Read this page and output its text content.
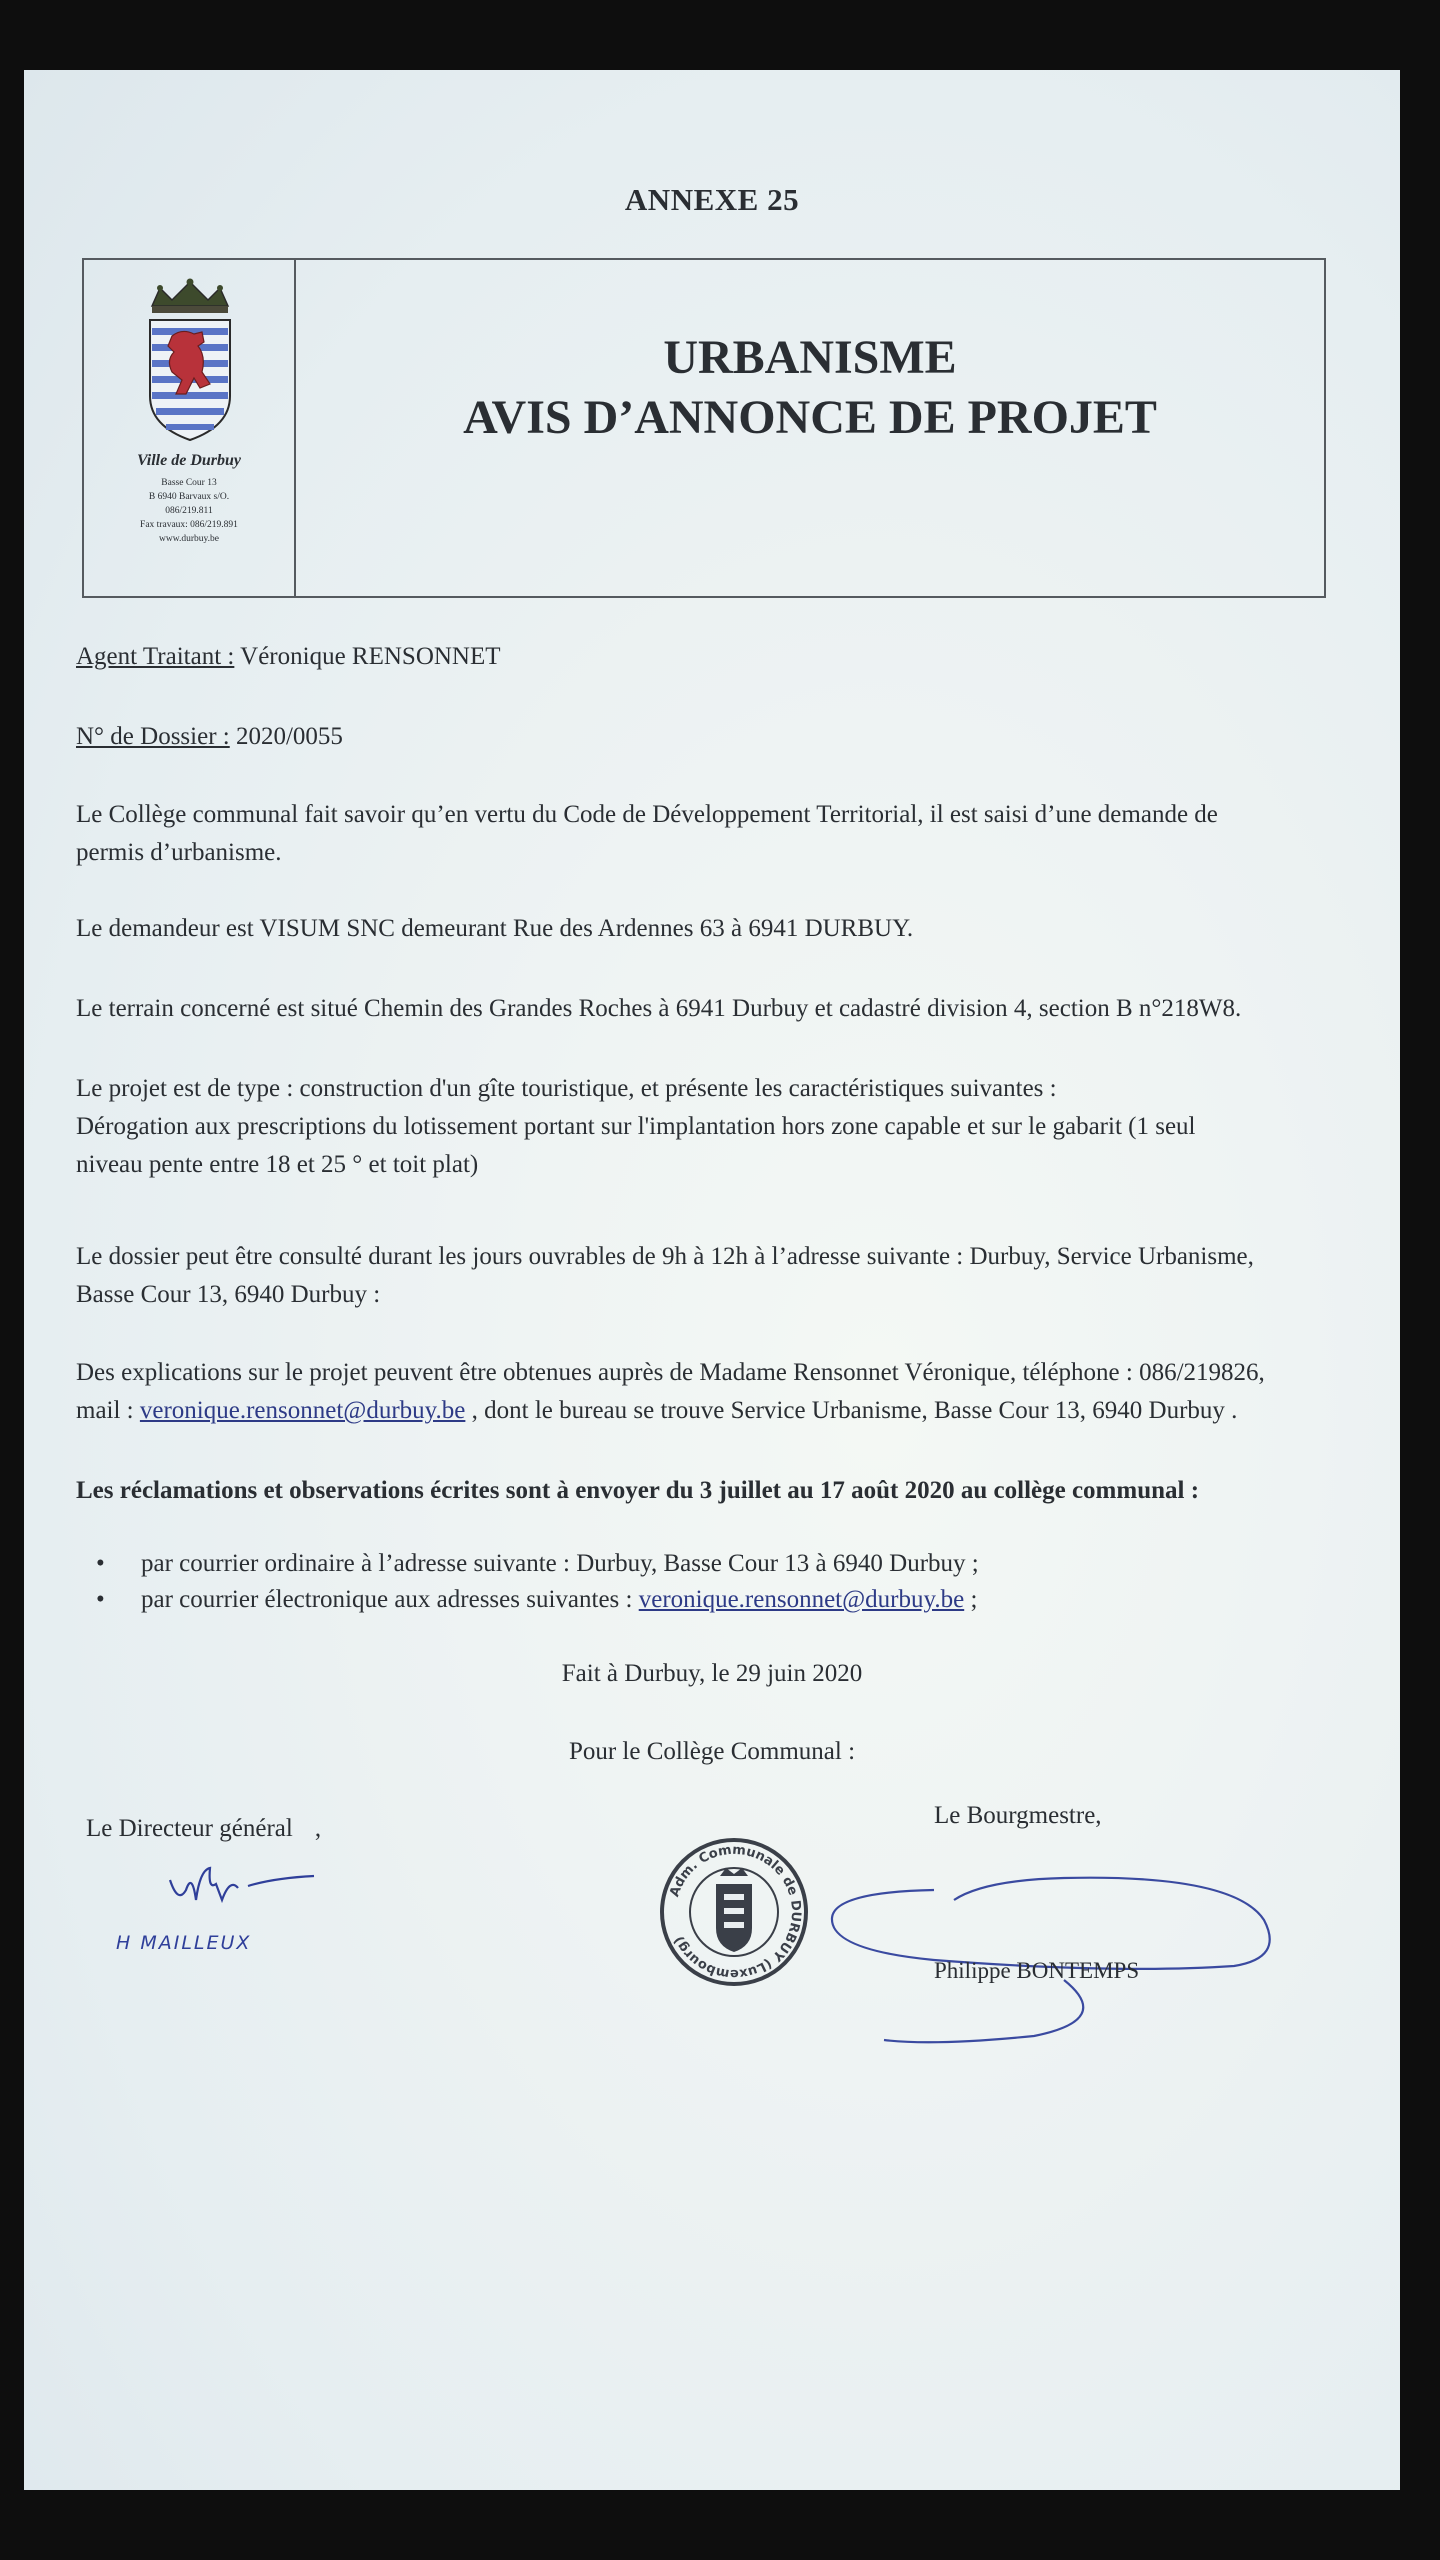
ANNEXE 25
Ville de Durbuy
Basse Cour 13
B 6940 Barvaux s/O.
086/219.811
Fax travaux: 086/219.891
www.durbuy.be
URBANISME
AVIS D’ANNONCE DE PROJET
Agent Traitant : Véronique RENSONNET
N° de Dossier : 2020/0055
Le Collège communal fait savoir qu’en vertu du Code de Développement Territorial, il est saisi d’une demande de
permis d’urbanisme.
Le demandeur est VISUM SNC demeurant Rue des Ardennes 63 à 6941 DURBUY.
Le terrain concerné est situé Chemin des Grandes Roches à 6941 Durbuy et cadastré division 4, section B n°218W8.
Le projet est de type : construction d'un gîte touristique, et présente les caractéristiques suivantes :
Dérogation aux prescriptions du lotissement portant sur l'implantation hors zone capable et sur le gabarit (1 seul
niveau pente entre 18 et 25 ° et toit plat)
Le dossier peut être consulté durant les jours ouvrables de 9h à 12h à l’adresse suivante : Durbuy, Service Urbanisme,
Basse Cour 13, 6940 Durbuy :
Des explications sur le projet peuvent être obtenues auprès de Madame Rensonnet Véronique, téléphone : 086/219826,
mail : veronique.rensonnet@durbuy.be , dont le bureau se trouve Service Urbanisme, Basse Cour 13, 6940 Durbuy .
Les réclamations et observations écrites sont à envoyer du 3 juillet au 17 août 2020 au collège communal :
• par courrier ordinaire à l’adresse suivante : Durbuy, Basse Cour 13 à 6940 Durbuy ;
• par courrier électronique aux adresses suivantes : veronique.rensonnet@durbuy.be ;
Fait à Durbuy, le 29 juin 2020
Pour le Collège Communal :
Le Directeur général ,
H MAILLEUX
Adm. Communale de DURBUY (Luxembourg)
Le Bourgmestre,
Philippe BONTEMPS
